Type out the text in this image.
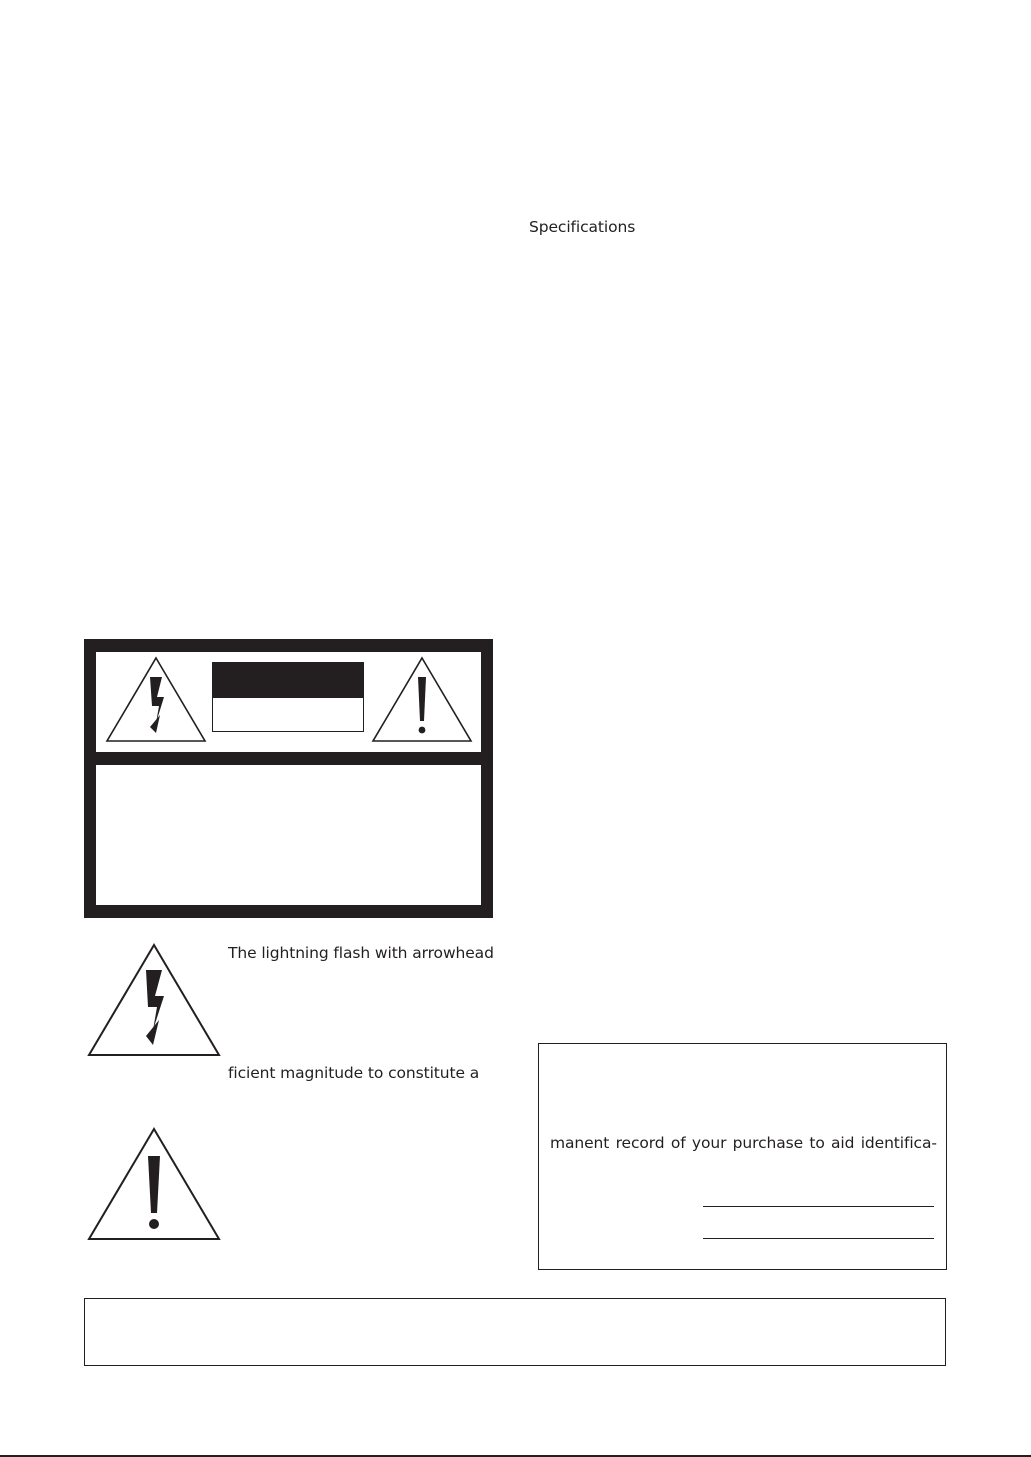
Specifications
The lightning flash with arrowhead
ficient magnitude to constitute a
manent record of your purchase to aid identifica-
